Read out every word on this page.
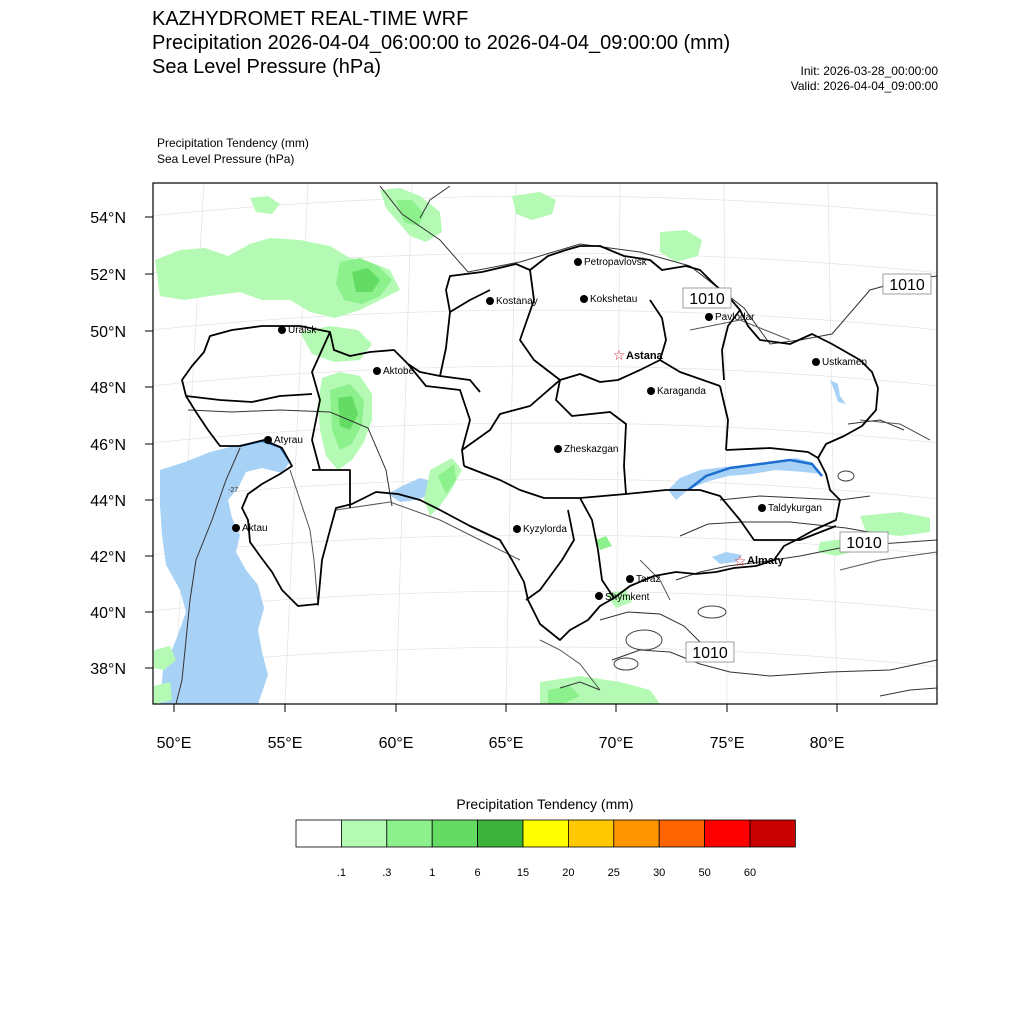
KAZHYDROMET REAL-TIME WRF
Precipitation 2026-04-04_06:00:00 to 2026-04-04_09:00:00 (mm)
Sea Level Pressure (hPa)	Init: 2026-03-28_00:00:00
Valid: 2026-04-04_09:00:00
Precipitation Tendency (mm)
Sea Level Pressure (hPa)
54°N
52°N
50°N
48°N
46°N
44°N
42°N
40°N
38°N
50°E	55°E	60°E	65°E	70°E	75°E	80°E
1010
1010
1010
1010
-27
Petropavlovsk
Kostanay	Kokshetau
Pavlodar
Uralsk
☆ Astana
Ustkamen
Aktobe
Karaganda
Atyrau
Zheskazgan
Aktau	Kyzylorda
Taldykurgan
☆ Almaty
Taraz
Shymkent
Precipitation Tendency (mm)
.1	.3	1	6	15	20	25	30	50	60
